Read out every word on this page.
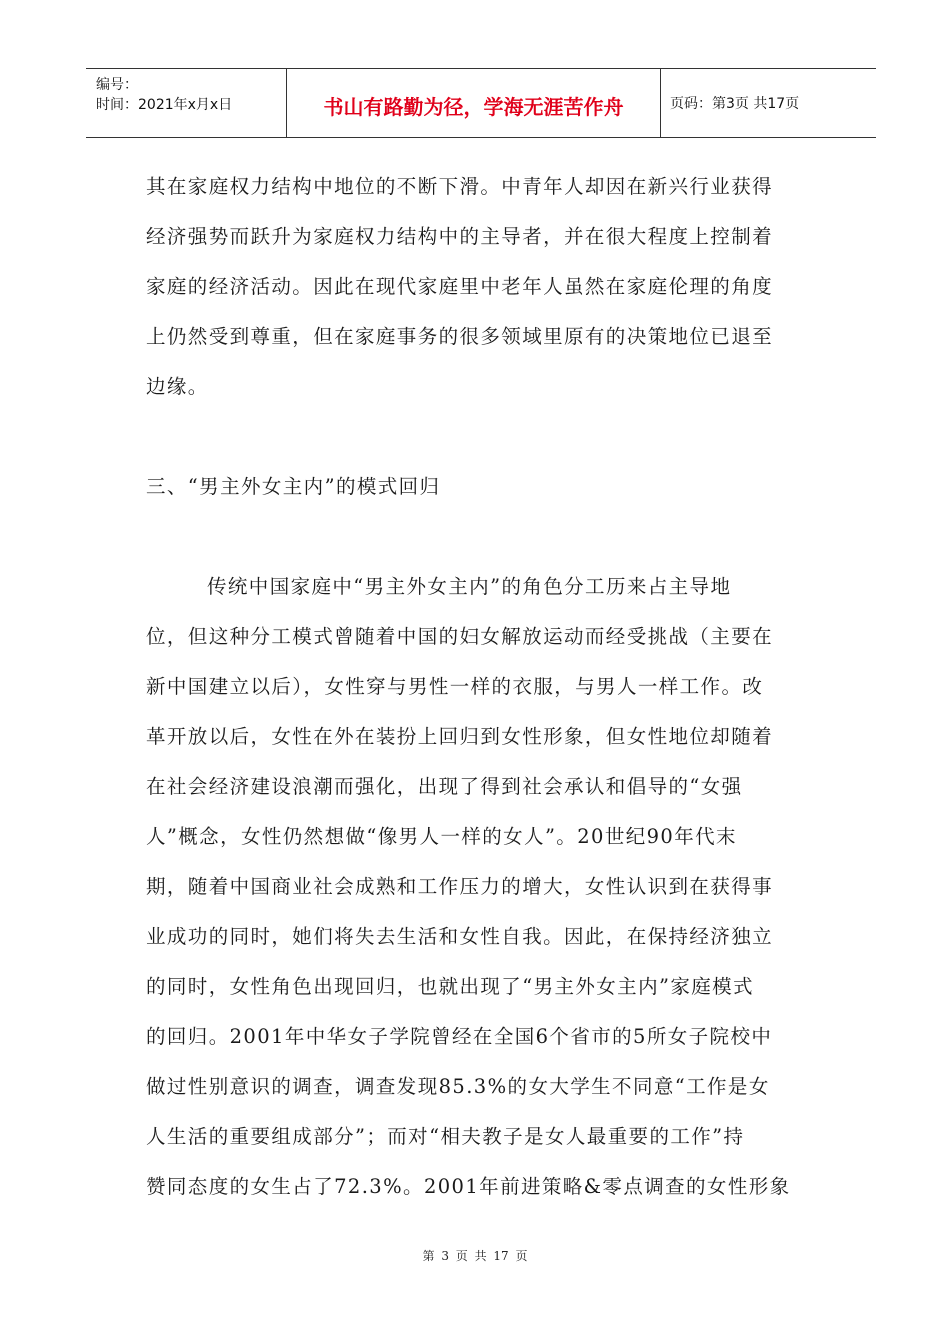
编号：
时间：2021年x月x日	书山有路勤为径，学海无涯苦作舟	页码：第3页 共17页
其在家庭权力结构中地位的不断下滑。中青年人却因在新兴行业获得
经济强势而跃升为家庭权力结构中的主导者，并在很大程度上控制着
家庭的经济活动。因此在现代家庭里中老年人虽然在家庭伦理的角度
上仍然受到尊重，但在家庭事务的很多领域里原有的决策地位已退至
边缘。
三、“男主外女主内”的模式回归
传统中国家庭中“男主外女主内”的角色分工历来占主导地
位，但这种分工模式曾随着中国的妇女解放运动而经受挑战（主要在
新中国建立以后），女性穿与男性一样的衣服，与男人一样工作。改
革开放以后，女性在外在装扮上回归到女性形象，但女性地位却随着
在社会经济建设浪潮而强化，出现了得到社会承认和倡导的“女强
人”概念，女性仍然想做“像男人一样的女人”。20世纪90年代末
期，随着中国商业社会成熟和工作压力的增大，女性认识到在获得事
业成功的同时，她们将失去生活和女性自我。因此，在保持经济独立
的同时，女性角色出现回归，也就出现了“男主外女主内”家庭模式
的回归。2001年中华女子学院曾经在全国6个省市的5所女子院校中
做过性别意识的调查，调查发现85.3%的女大学生不同意“工作是女
人生活的重要组成部分”；而对“相夫教子是女人最重要的工作”持
赞同态度的女生占了72.3%。2001年前进策略&零点调查的女性形象
第 3 页 共 17 页
